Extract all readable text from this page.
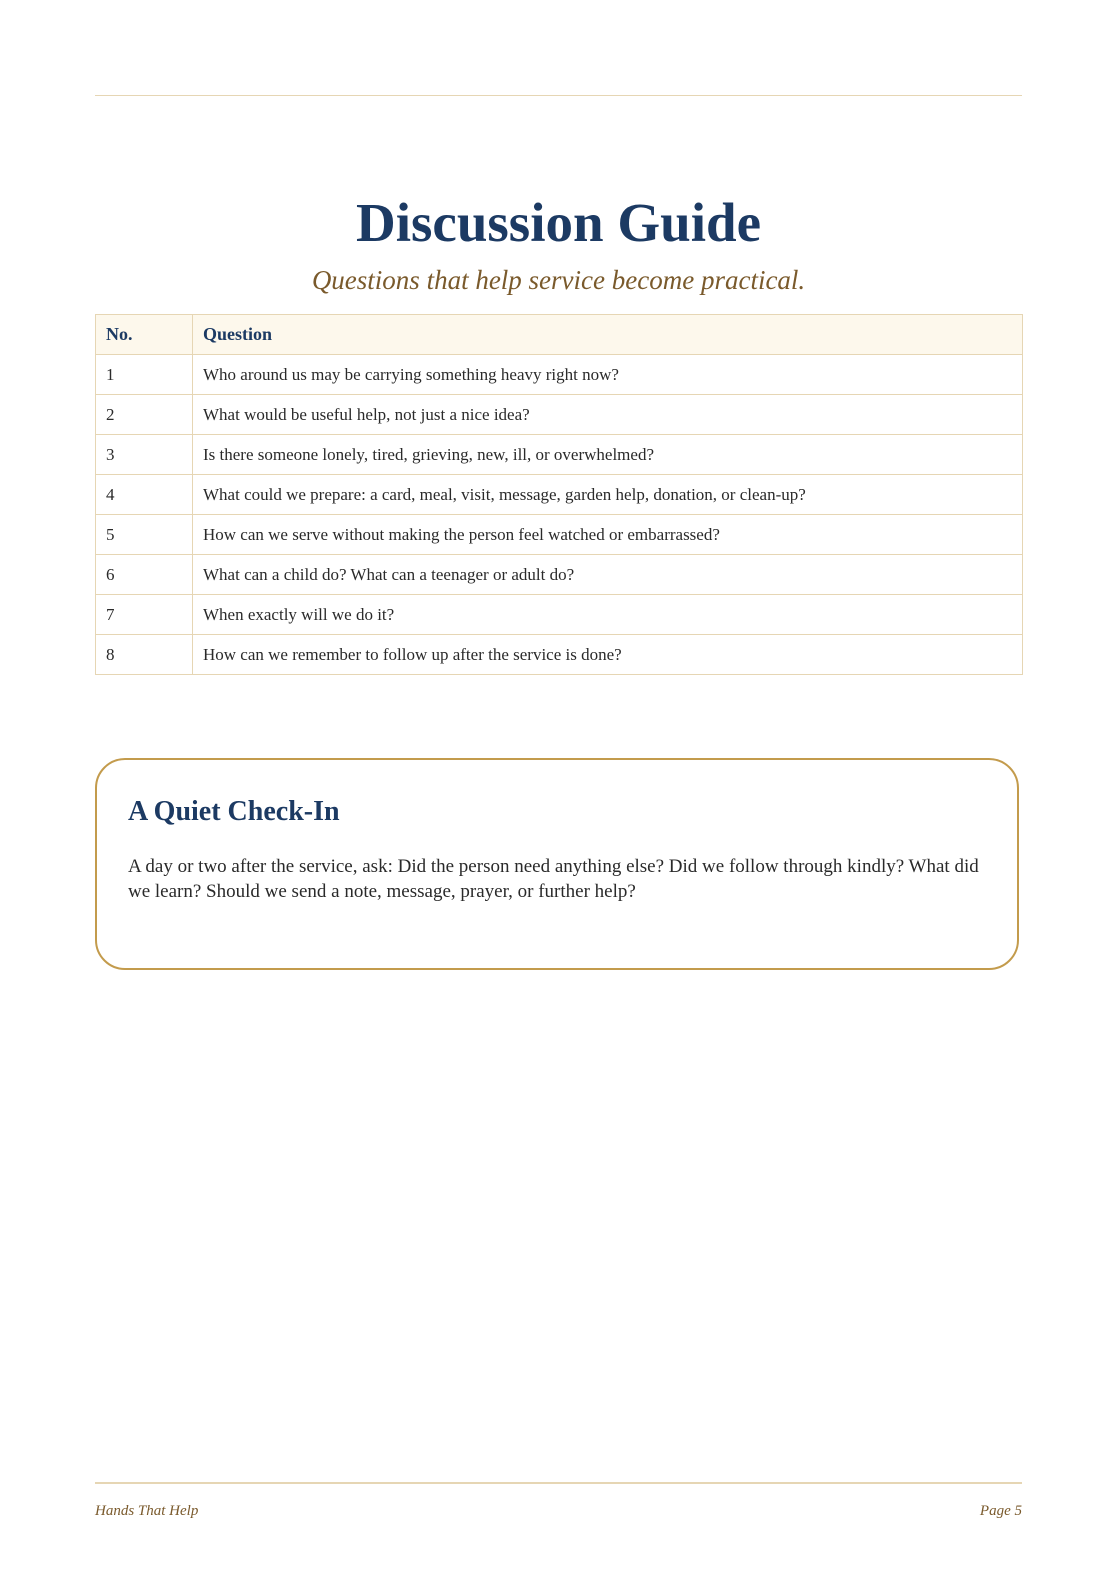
Discussion Guide

Questions that help service become practical.

No.	Question
1	Who around us may be carrying something heavy right now?
2	What would be useful help, not just a nice idea?
3	Is there someone lonely, tired, grieving, new, ill, or overwhelmed?
4	What could we prepare: a card, meal, visit, message, garden help, donation, or clean-up?
5	How can we serve without making the person feel watched or embarrassed?
6	What can a child do? What can a teenager or adult do?
7	When exactly will we do it?
8	How can we remember to follow up after the service is done?
A Quiet Check-In

A day or two after the service, ask: Did the person need anything else? Did we follow through kindly? What did we learn? Should we send a note, message, prayer, or further help?

Hands That Help	Page 5
